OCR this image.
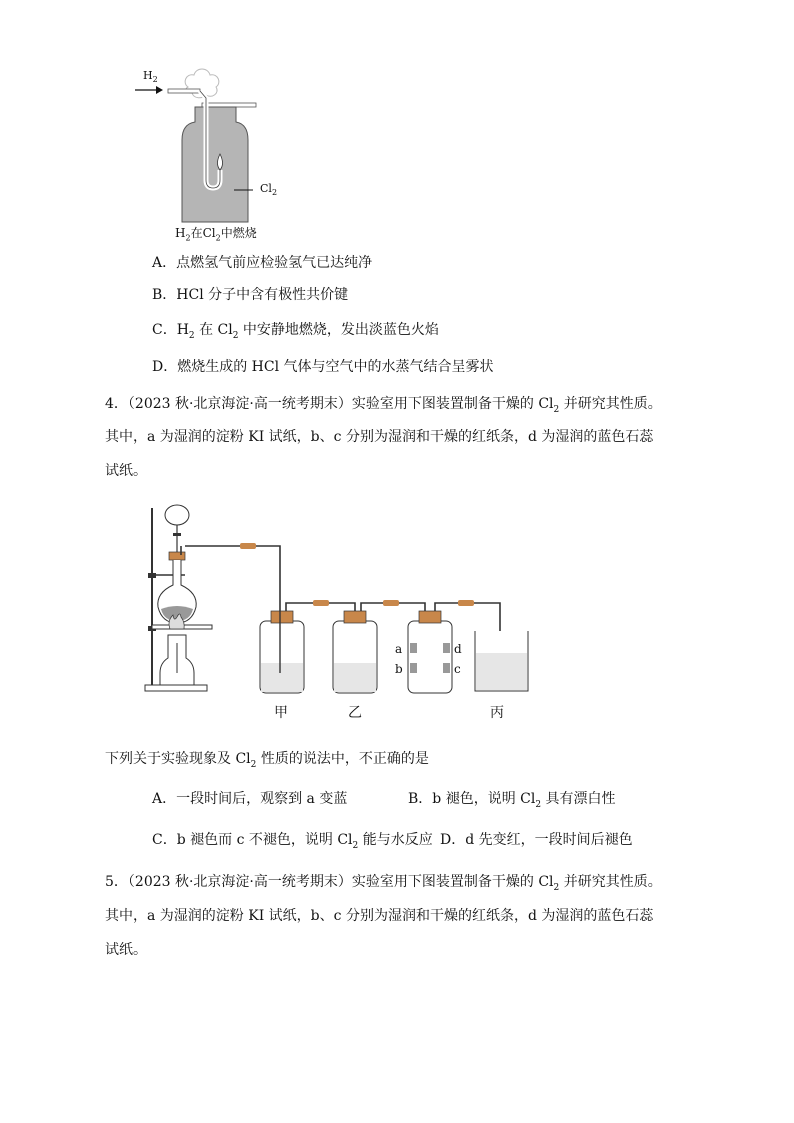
$H_2$
$Cl_2$
$H_2$在$Cl_2$中燃烧
A．点燃氢气前应检验氢气已达纯净
B．HCl 分子中含有极性共价键
C．$H_2$ 在 $Cl_2$ 中安静地燃烧，发出淡蓝色火焰
D．燃烧生成的 HCl 气体与空气中的水蒸气结合呈雾状
4．（2023 秋·北京海淀·高一统考期末）实验室用下图装置制备干燥的 $Cl_2$ 并研究其性质。
其中，a 为湿润的淀粉 KI 试纸，b、c 分别为湿润和干燥的红纸条，d 为湿润的蓝色石蕊
试纸。
甲	乙	丙
a
b	c
d
下列关于实验现象及 $Cl_2$ 性质的说法中，不正确的是
A．一段时间后，观察到 a 变蓝	B．b 褪色，说明 $Cl_2$ 具有漂白性
C．b 褪色而 c 不褪色，说明 $Cl_2$ 能与水反应 D．d 先变红，一段时间后褪色
5．（2023 秋·北京海淀·高一统考期末）实验室用下图装置制备干燥的 $Cl_2$ 并研究其性质。
其中，a 为湿润的淀粉 KI 试纸，b、c 分别为湿润和干燥的红纸条，d 为湿润的蓝色石蕊
试纸。
